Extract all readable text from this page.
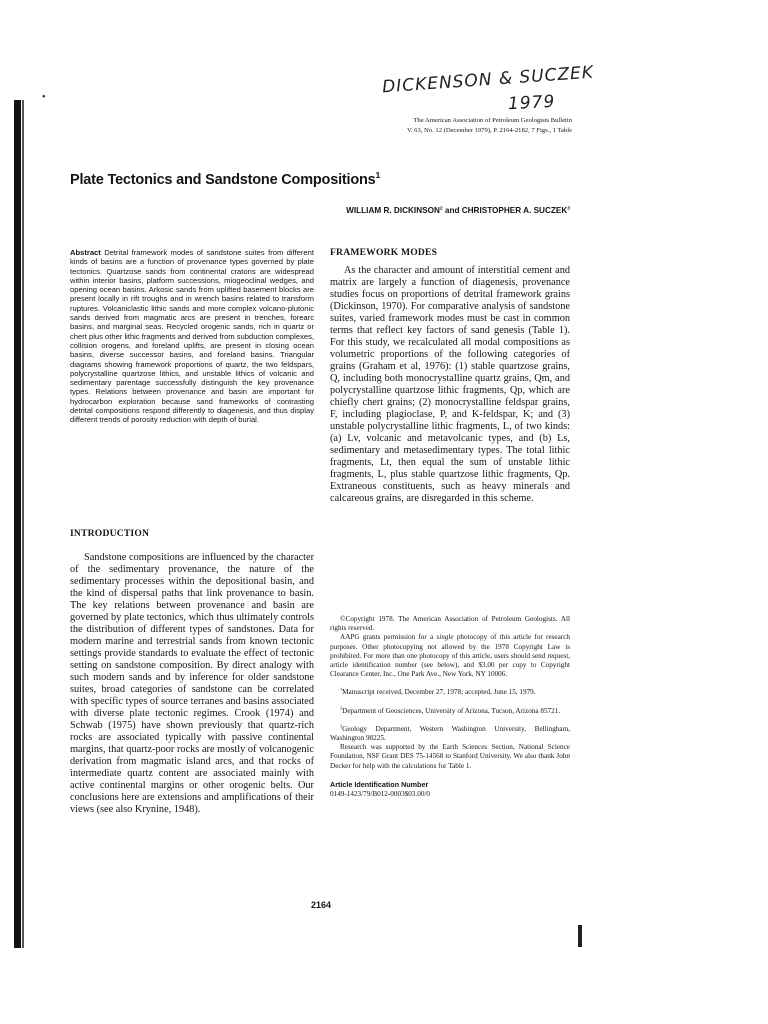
•
DICKENSON & SUCZEK
1979
The American Association of Petroleum Geologists Bulletin
V. 63, No. 12 (December 1979), P. 2164-2182, 7 Figs., 1 Table
Plate Tectonics and Sandstone Compositions$^1$
WILLIAM R. DICKINSON$^2$ and CHRISTOPHER A. SUCZEK$^3$
Abstract Detrital framework modes of sandstone suites from different kinds of basins are a function of provenance types governed by plate tectonics. Quartzose sands from continental cratons are widespread within interior basins, platform successions, miogeoclinal wedges, and opening ocean basins. Arkosic sands from uplifted basement blocks are present locally in rift troughs and in wrench basins related to transform ruptures. Volcaniclastic lithic sands and more complex volcano-plutonic sands derived from magmatic arcs are present in trenches, forearc basins, and marginal seas. Recycled orogenic sands, rich in quartz or chert plus other lithic fragments and derived from subduction complexes, collision orogens, and foreland uplifts, are present in closing ocean basins, diverse successor basins, and foreland basins. Triangular diagrams showing framework proportions of quartz, the two feldspars, polycrystalline quartzose lithics, and unstable lithics of volcanic and sedimentary parentage successfully distinguish the key provenance types. Relations between provenance and basin are important for hydrocarbon exploration because sand frameworks of contrasting detrital compositions respond differently to diagenesis, and thus display different trends of porosity reduction with depth of burial.
INTRODUCTION
Sandstone compositions are influenced by the character of the sedimentary provenance, the nature of the sedimentary processes within the depositional basin, and the kind of dispersal paths that link provenance to basin. The key relations between provenance and basin are governed by plate tectonics, which thus ultimately controls the distribution of different types of sandstones. Data for modern marine and terrestrial sands from known tectonic settings provide standards to evaluate the effect of tectonic setting on sandstone composition. By direct analogy with such modern sands and by inference for older sandstone suites, broad categories of sandstone can be correlated with specific types of source terranes and basins associated with diverse plate tectonic regimes. Crook (1974) and Schwab (1975) have shown previously that quartz-rich rocks are associated typically with passive continental margins, that quartz-poor rocks are mostly of volcanogenic derivation from magmatic island arcs, and that rocks of intermediate quartz content are associated mainly with active continental margins or other orogenic belts. Our conclusions here are extensions and amplifications of their views (see also Krynine, 1948).
FRAMEWORK MODES
As the character and amount of interstitial cement and matrix are largely a function of diagenesis, provenance studies focus on proportions of detrital framework grains (Dickinson, 1970). For comparative analysis of sandstone suites, varied framework modes must be cast in common terms that reflect key factors of sand genesis (Table 1). For this study, we recalculated all modal compositions as volumetric proportions of the following categories of grains (Graham et al, 1976): (1) stable quartzose grains, Q, including both monocrystalline quartz grains, Qm, and polycrystalline quartzose lithic fragments, Qp, which are chiefly chert grains; (2) monocrystalline feldspar grains, F, including plagioclase, P, and K-feldspar, K; and (3) unstable polycrystalline lithic fragments, L, of two kinds: (a) Lv, volcanic and metavolcanic types, and (b) Ls, sedimentary and metasedimentary types. The total lithic fragments, Lt, then equal the sum of unstable lithic fragments, L, plus stable quartzose lithic fragments, Qp. Extraneous constituents, such as heavy minerals and calcareous grains, are disregarded in this scheme.

©Copyright 1978. The American Association of Petroleum Geologists. All rights reserved.

AAPG grants permission for a single photocopy of this article for research purposes. Other photocopying not allowed by the 1978 Copyright Law is prohibited. For more than one photocopy of this article, users should send request, article identification number (see below), and $3.00 per copy to Copyright Clearance Center, Inc., One Park Ave., New York, NY 10006.

$^1$Manuscript received, December 27, 1978; accepted, June 15, 1979.

$^2$Department of Geosciences, University of Arizona, Tucson, Arizona 85721.

$^3$Geology Department, Western Washington University, Bellingham, Washington 98225.

Research was supported by the Earth Sciences Section, National Science Foundation, NSF Grant DES 75-14568 to Stanford University. We also thank John Decker for help with the calculations for Table 1.

Article Identification Number

0149-1423/79/B012-0003$03.00/0

2164
